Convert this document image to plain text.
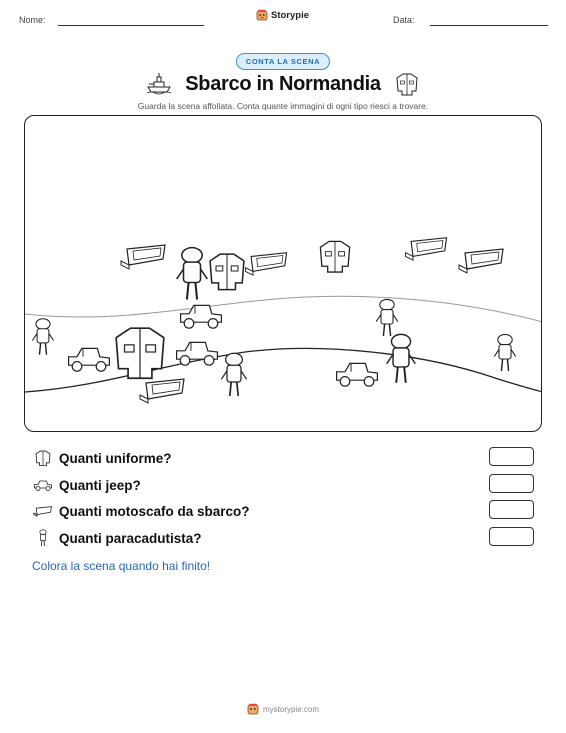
Nome:	Storypie	Data:
CONTA LA SCENA
Sbarco in Normandia
Guarda la scena affollata. Conta quante immagini di ogni tipo riesci a trovare.
Quanti uniforme?
Quanti jeep?
Quanti motoscafo da sbarco?
Quanti paracadutista?
Colora la scena quando hai finito!
mystorypie.com
